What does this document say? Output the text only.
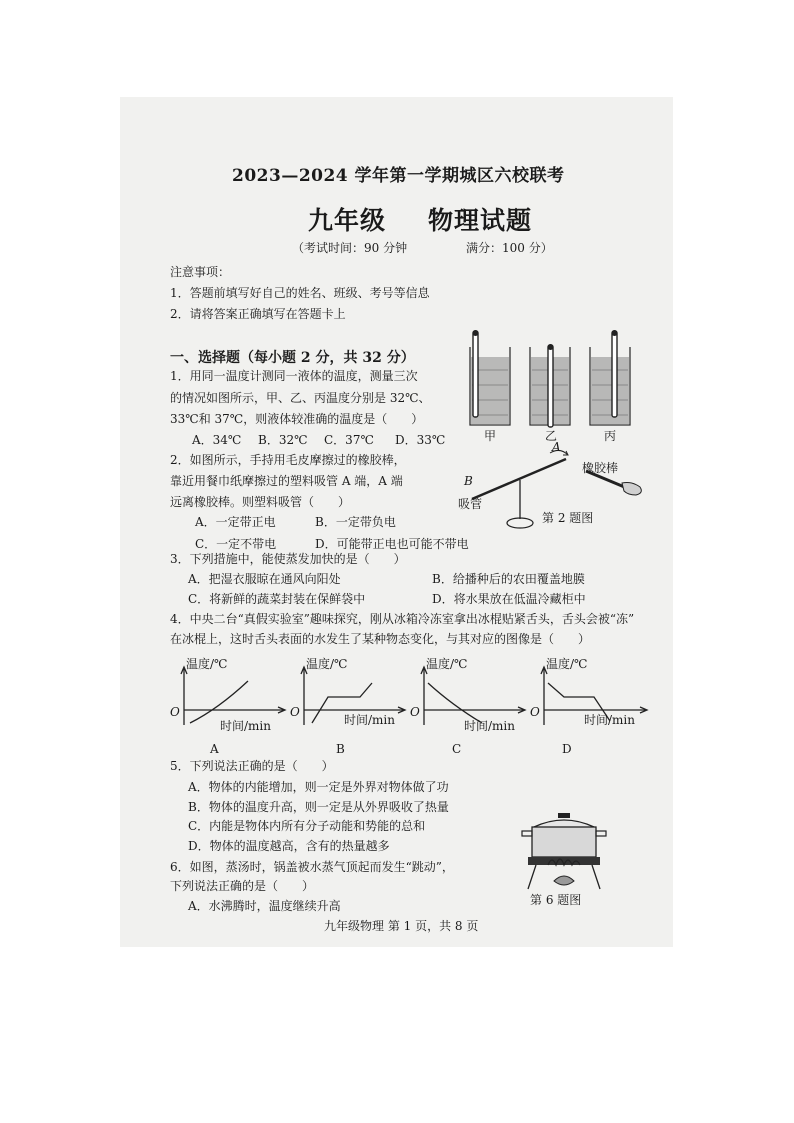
2023—2024 学年第一学期城区六校联考
九年级 物理试题
（考试时间：90 分钟	满分：100 分）
注意事项：
1．答题前填写好自己的姓名、班级、考号等信息
2．请将答案正确填写在答题卡上
一、选择题（每小题 2 分，共 32 分）
1．用同一温度计测同一液体的温度，测量三次
的情况如图所示，甲、乙、丙温度分别是 32℃、
33℃和 37℃，则液体较准确的温度是（　　）
A．34℃ B．32℃ C．37℃ D．33℃	甲	乙	丙
2．如图所示，手持用毛皮摩擦过的橡胶棒，
靠近用餐巾纸摩擦过的塑料吸管 A 端，A 端
远离橡胶棒。则塑料吸管（　　）
A．一定带正电	B．一定带负电
C．一定不带电	D．可能带正电也可能不带电
A
B
橡胶棒
吸管
第 2 题图
3．下列措施中，能使蒸发加快的是（　　）
A．把湿衣服晾在通风向阳处	B．给播种后的农田覆盖地膜
C．将新鲜的蔬菜封装在保鲜袋中	D．将水果放在低温冷藏柜中
4．中央二台“真假实验室”趣味探究，刚从冰箱冷冻室拿出冰棍贴紧舌头，舌头会被“冻”
在冰棍上，这时舌头表面的水发生了某种物态变化，与其对应的图像是（　　）
温度/℃
O
时间/min
A
温度/℃
O
时间/min
B
温度/℃
O
时间/min
C
温度/℃
O
时间/min
D
5．下列说法正确的是（　　）
A．物体的内能增加，则一定是外界对物体做了功
B．物体的温度升高，则一定是从外界吸收了热量
C．内能是物体内所有分子动能和势能的总和
D．物体的温度越高，含有的热量越多
6．如图，蒸汤时，锅盖被水蒸气顶起而发生“跳动”，
下列说法正确的是（　　）
A．水沸腾时，温度继续升高	第 6 题图
九年级物理 第 1 页，共 8 页
